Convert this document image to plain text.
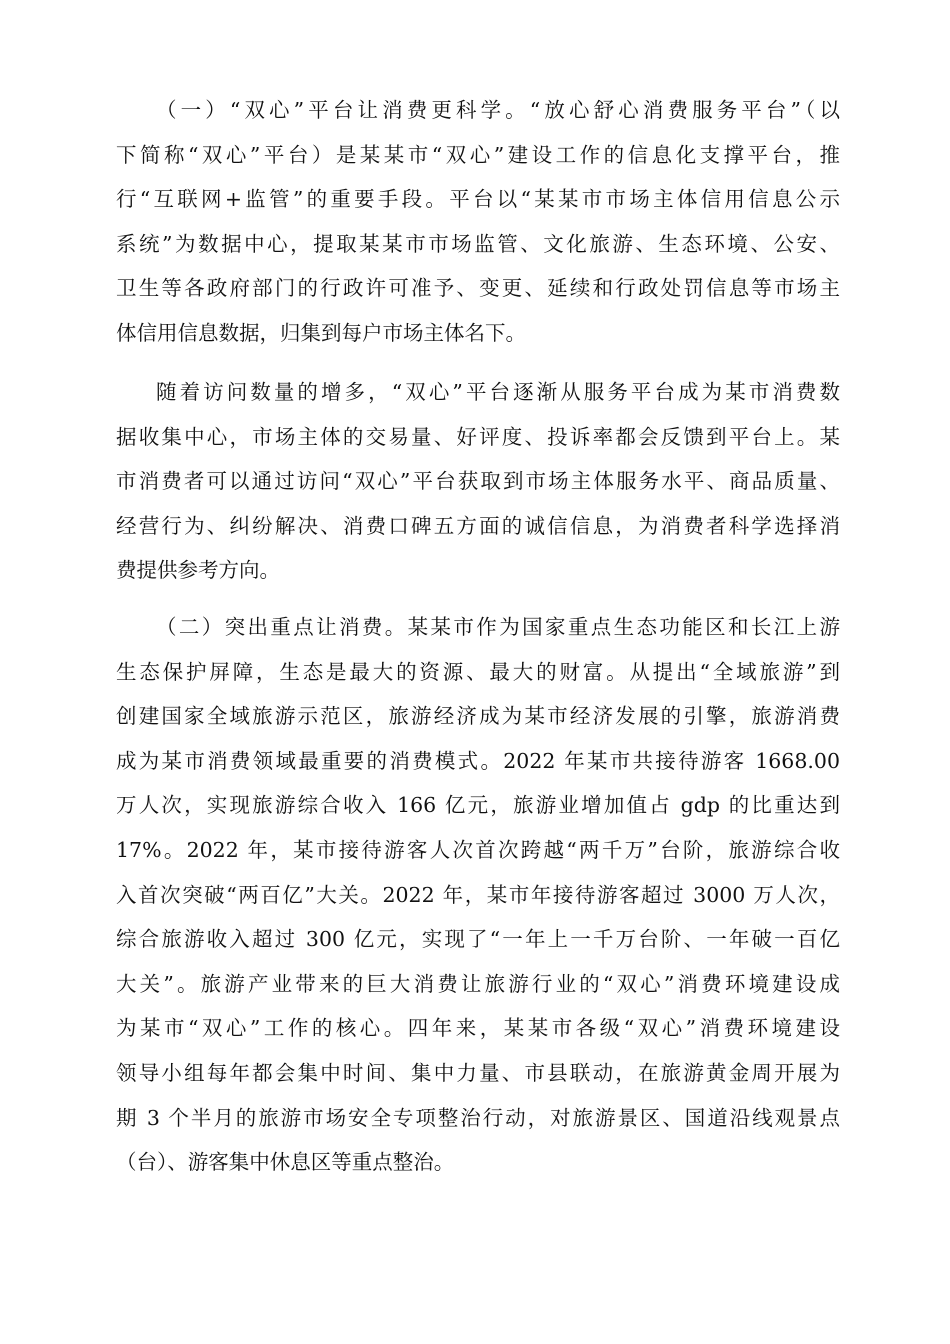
（一）“双心”平台让消费更科学。“放心舒心消费服务平台”（以
下简称“双心”平台）是某某市“双心”建设工作的信息化支撑平台，推
行“互联网+监管”的重要手段。平台以“某某市市场主体信用信息公示
系统”为数据中心，提取某某市市场监管、文化旅游、生态环境、公安、
卫生等各政府部门的行政许可准予、变更、延续和行政处罚信息等市场主
体信用信息数据，归集到每户市场主体名下。
随着访问数量的增多，“双心”平台逐渐从服务平台成为某市消费数
据收集中心，市场主体的交易量、好评度、投诉率都会反馈到平台上。某
市消费者可以通过访问“双心”平台获取到市场主体服务水平、商品质量、
经营行为、纠纷解决、消费口碑五方面的诚信信息，为消费者科学选择消
费提供参考方向。
（二）突出重点让消费。某某市作为国家重点生态功能区和长江上游
生态保护屏障，生态是最大的资源、最大的财富。从提出“全域旅游”到
创建国家全域旅游示范区，旅游经济成为某市经济发展的引擎，旅游消费
成为某市消费领域最重要的消费模式。2022 年某市共接待游客 1668.00
万人次，实现旅游综合收入 166 亿元，旅游业增加值占 gdp 的比重达到
17%。2022 年，某市接待游客人次首次跨越“两千万”台阶，旅游综合收
入首次突破“两百亿”大关。2022 年，某市年接待游客超过 3000 万人次，
综合旅游收入超过 300 亿元，实现了“一年上一千万台阶、一年破一百亿
大关”。旅游产业带来的巨大消费让旅游行业的“双心”消费环境建设成
为某市“双心”工作的核心。四年来，某某市各级“双心”消费环境建设
领导小组每年都会集中时间、集中力量、市县联动，在旅游黄金周开展为
期 3 个半月的旅游市场安全专项整治行动，对旅游景区、国道沿线观景点
（台）、游客集中休息区等重点整治。
